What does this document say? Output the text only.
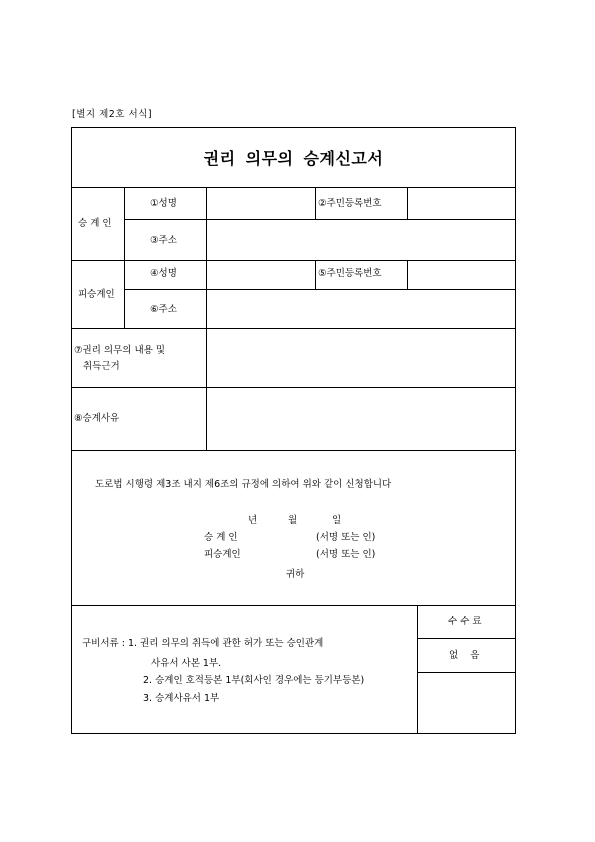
[별지 제2호 서식]
권리 의무의 승계신고서
승 계 인
①성명	②주민등록번호
③주소
피승계인
④성명	⑤주민등록번호
⑥주소
⑦권리 의무의 내용 및
취득근거
⑧승계사유
도로법 시행령 제3조 내지 제6조의 규정에 의하여 위와 같이 신청합니다
년	월	일
승 계 인	(서명 또는 인)
피승계인	(서명 또는 인)
귀하
구비서류 : 1. 권리 의무의 취득에 관한 허가 또는 승인관계
사유서 사본 1부.
2. 승계인 호적등본 1부(회사인 경우에는 등기부등본)
3. 승계사유서 1부
수 수 료
없    음
